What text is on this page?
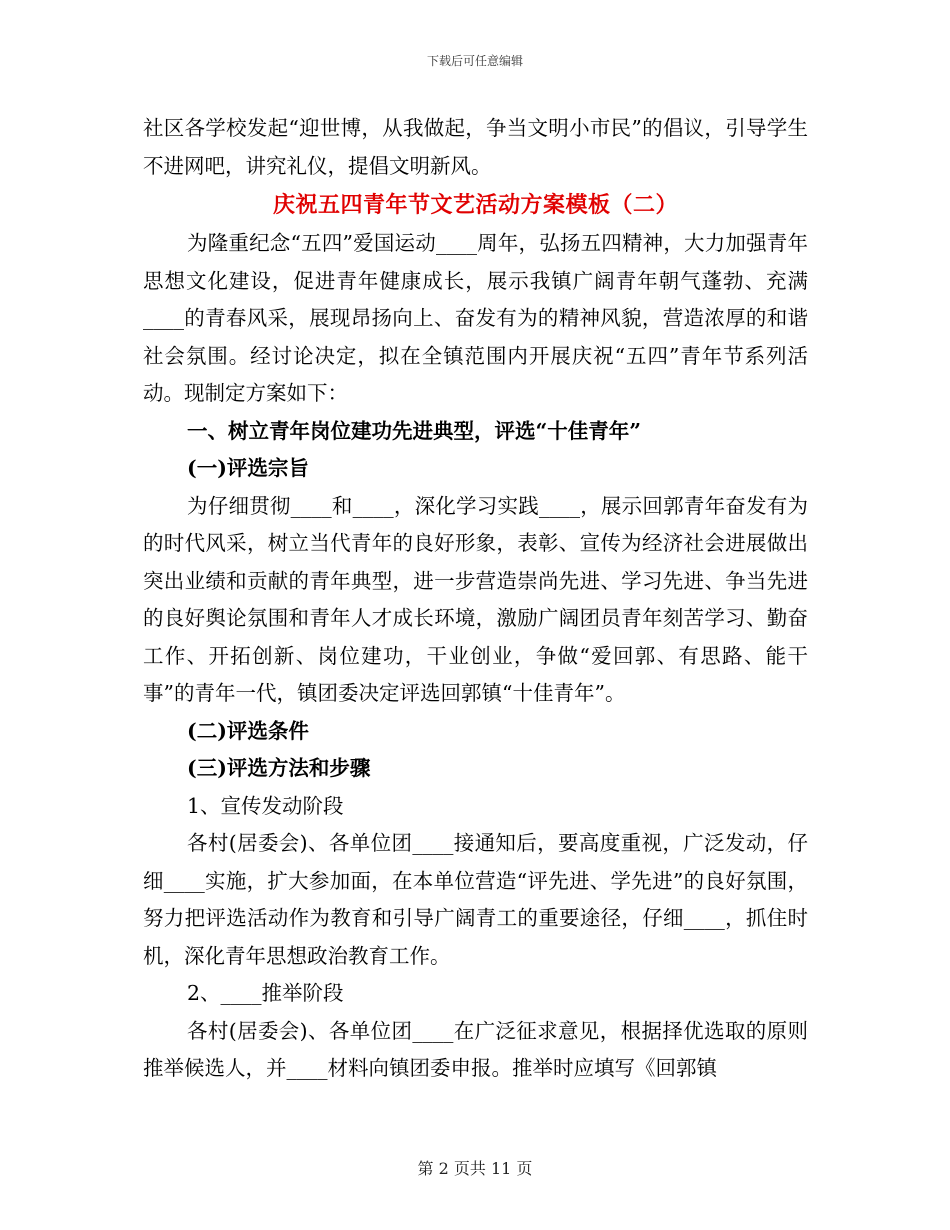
下载后可任意编辑

社区各学校发起“迎世博，从我做起，争当文明小市民”的倡议，引导学生不进网吧，讲究礼仪，提倡文明新风。

庆祝五四青年节文艺活动方案模板（二）

为隆重纪念“五四”爱国运动____周年，弘扬五四精神，大力加强青年思想文化建设，促进青年健康成长，展示我镇广阔青年朝气蓬勃、充满____的青春风采，展现昂扬向上、奋发有为的精神风貌，营造浓厚的和谐社会氛围。经讨论决定，拟在全镇范围内开展庆祝“五四”青年节系列活动。现制定方案如下：

一、树立青年岗位建功先进典型，评选“十佳青年”

(一)评选宗旨

为仔细贯彻____和____，深化学习实践____，展示回郭青年奋发有为的时代风采，树立当代青年的良好形象，表彰、宣传为经济社会进展做出突出业绩和贡献的青年典型，进一步营造崇尚先进、学习先进、争当先进的良好舆论氛围和青年人才成长环境，激励广阔团员青年刻苦学习、勤奋工作、开拓创新、岗位建功，干业创业，争做“爱回郭、有思路、能干事”的青年一代，镇团委决定评选回郭镇“十佳青年”。

(二)评选条件

(三)评选方法和步骤

1、宣传发动阶段

各村(居委会)、各单位团____接通知后，要高度重视，广泛发动，仔细____实施，扩大参加面，在本单位营造“评先进、学先进”的良好氛围，努力把评选活动作为教育和引导广阔青工的重要途径，仔细____，抓住时机，深化青年思想政治教育工作。

2、____推举阶段

各村(居委会)、各单位团____在广泛征求意见，根据择优选取的原则推举候选人，并____材料向镇团委申报。推举时应填写《回郭镇

第 2 页共 11 页
